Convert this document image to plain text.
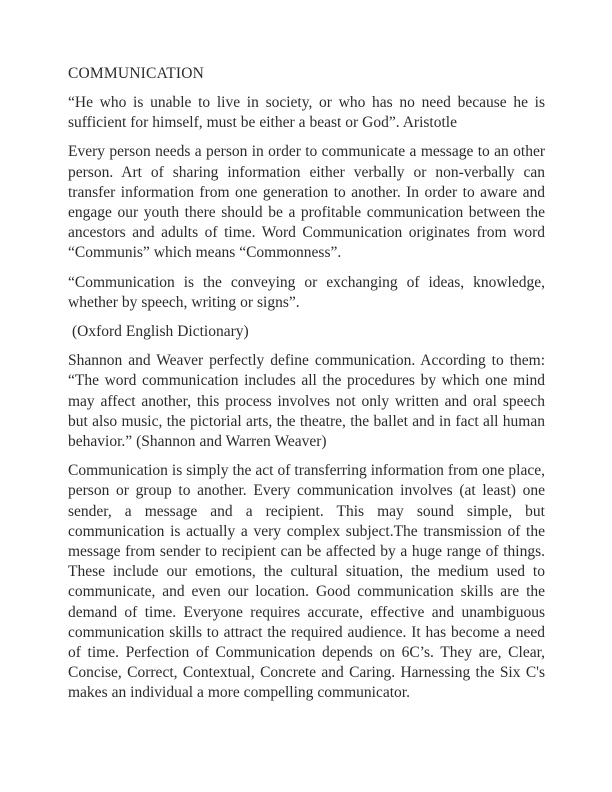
COMMUNICATION

“He who is unable to live in society, or who has no need because he is sufficient for himself, must be either a beast or God”. Aristotle

Every person needs a person in order to communicate a message to an other person. Art of sharing information either verbally or non-verbally can transfer information from one generation to another. In order to aware and engage our youth there should be a profitable communication between the ancestors and adults of time. Word Communication originates from word “Communis” which means “Commonness”.

“Communication is the conveying or exchanging of ideas, knowledge, whether by speech, writing or signs”.

(Oxford English Dictionary)

Shannon and Weaver perfectly define communication. According to them: “The word communication includes all the procedures by which one mind may affect another, this process involves not only written and oral speech but also music, the pictorial arts, the theatre, the ballet and in fact all human behavior.” (Shannon and Warren Weaver)

Communication is simply the act of transferring information from one place, person or group to another. Every communication involves (at least) one sender, a message and a recipient. This may sound simple, but communication is actually a very complex subject.The transmission of the message from sender to recipient can be affected by a huge range of things. These include our emotions, the cultural situation, the medium used to communicate, and even our location. Good communication skills are the demand of time. Everyone requires accurate, effective and unambiguous communication skills to attract the required audience. It has become a need of time. Perfection of Communication depends on 6C’s. They are, Clear, Concise, Correct, Contextual, Concrete and Caring. Harnessing the Six C's makes an individual a more compelling communicator.
